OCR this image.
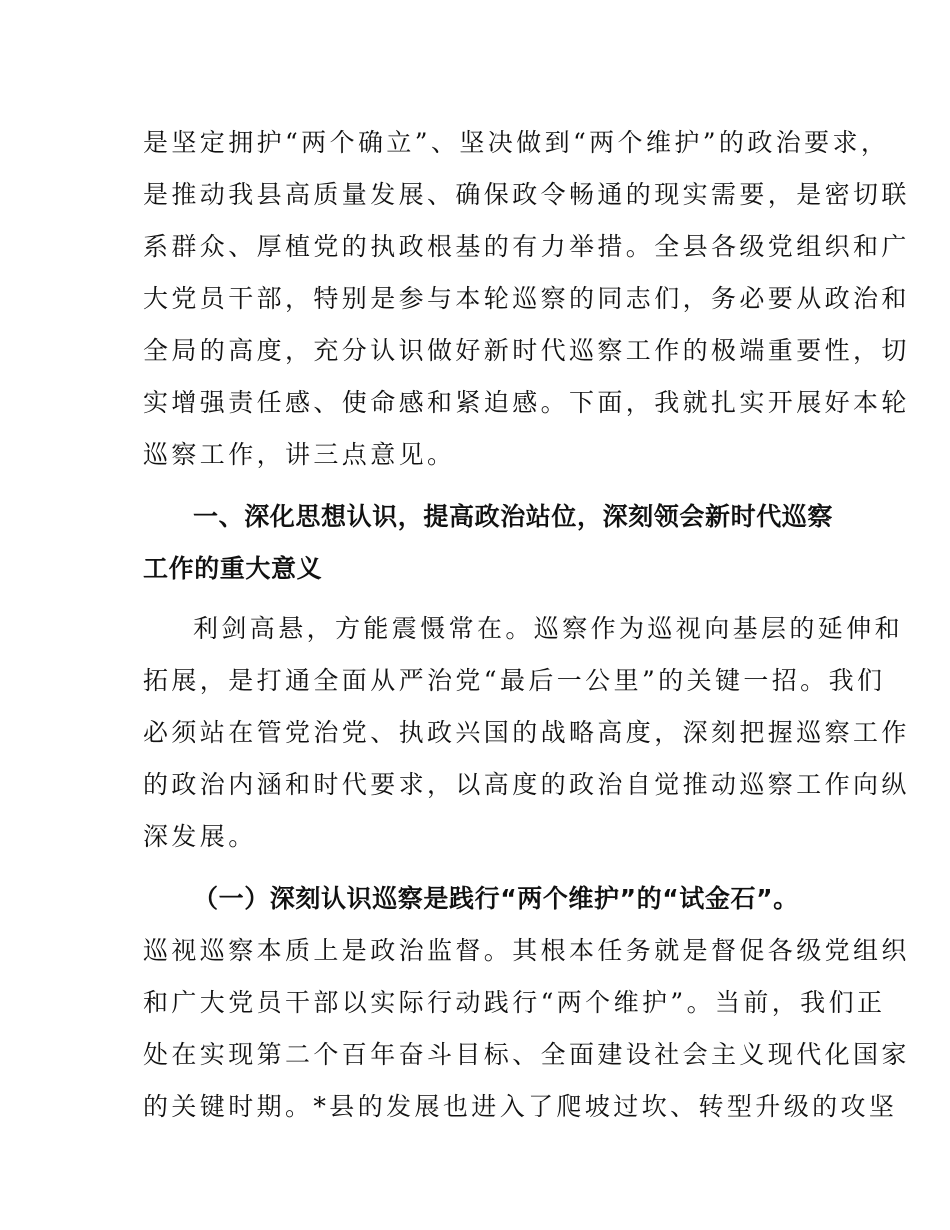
是坚定拥护“两个确立”、坚决做到“两个维护”的政治要求，
是推动我县高质量发展、确保政令畅通的现实需要，是密切联
系群众、厚植党的执政根基的有力举措。全县各级党组织和广
大党员干部，特别是参与本轮巡察的同志们，务必要从政治和
全局的高度，充分认识做好新时代巡察工作的极端重要性，切
实增强责任感、使命感和紧迫感。下面，我就扎实开展好本轮
巡察工作，讲三点意见。
一、深化思想认识，提高政治站位，深刻领会新时代巡察
工作的重大意义
利剑高悬，方能震慑常在。巡察作为巡视向基层的延伸和
拓展，是打通全面从严治党“最后一公里”的关键一招。我们
必须站在管党治党、执政兴国的战略高度，深刻把握巡察工作
的政治内涵和时代要求，以高度的政治自觉推动巡察工作向纵
深发展。
（一）深刻认识巡察是践行“两个维护”的“试金石”。
巡视巡察本质上是政治监督。其根本任务就是督促各级党组织
和广大党员干部以实际行动践行“两个维护”。当前，我们正
处在实现第二个百年奋斗目标、全面建设社会主义现代化国家
的关键时期。*县的发展也进入了爬坡过坎、转型升级的攻坚
